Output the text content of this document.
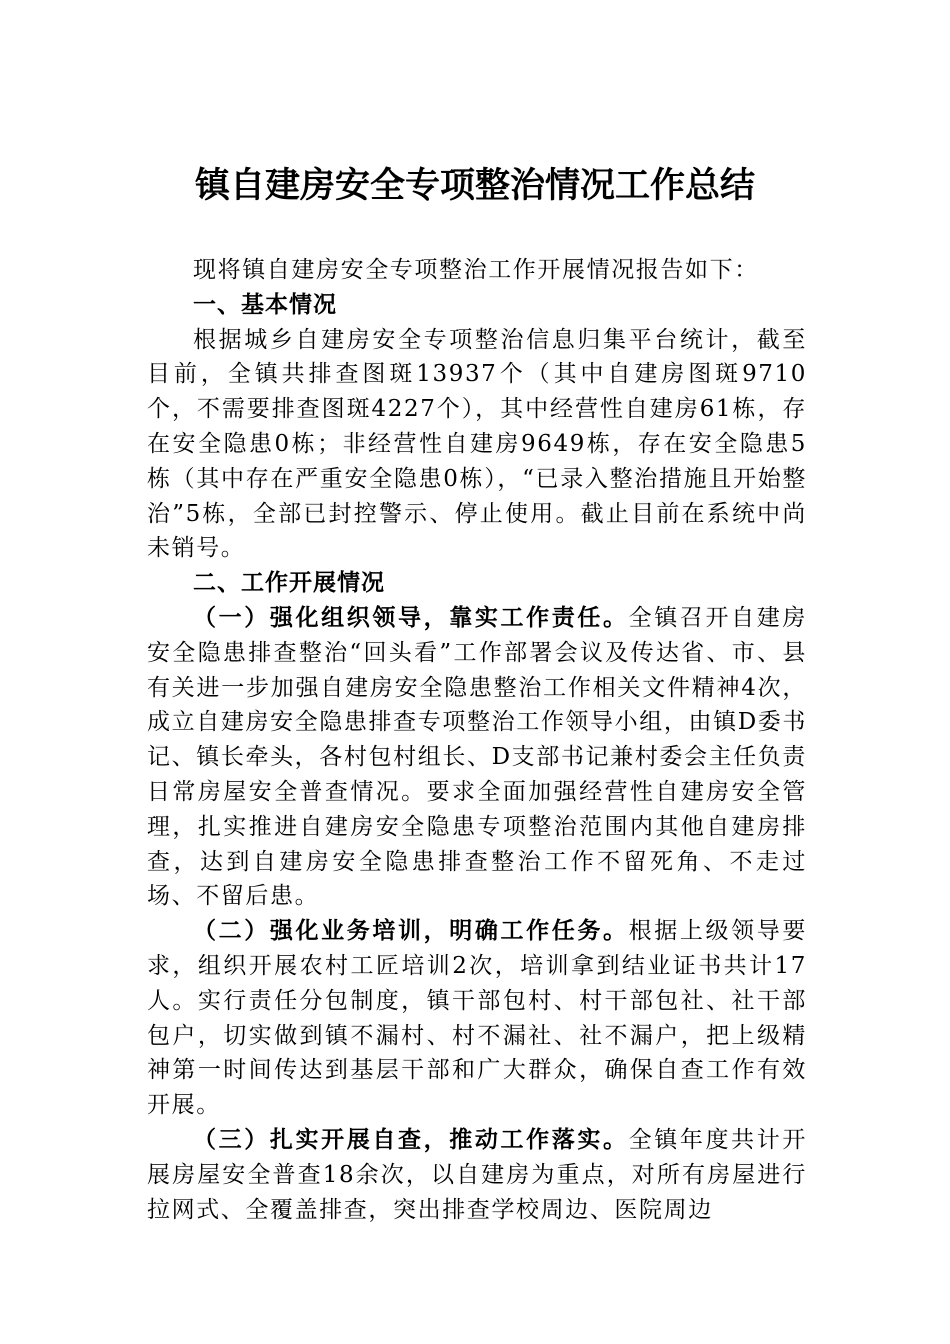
镇自建房安全专项整治情况工作总结

现将镇自建房安全专项整治工作开展情况报告如下：

一、基本情况

根据城乡自建房安全专项整治信息归集平台统计，截至目前，全镇共排查图斑13937个（其中自建房图斑9710个，不需要排查图斑4227个），其中经营性自建房61栋，存在安全隐患0栋；非经营性自建房9649栋，存在安全隐患5栋（其中存在严重安全隐患0栋），“已录入整治措施且开始整治”5栋，全部已封控警示、停止使用。截止目前在系统中尚未销号。

二、工作开展情况

（一）强化组织领导，靠实工作责任。全镇召开自建房安全隐患排查整治“回头看”工作部署会议及传达省、市、县有关进一步加强自建房安全隐患整治工作相关文件精神4次，成立自建房安全隐患排查专项整治工作领导小组，由镇D委书记、镇长牵头，各村包村组长、D支部书记兼村委会主任负责日常房屋安全普查情况。要求全面加强经营性自建房安全管理，扎实推进自建房安全隐患专项整治范围内其他自建房排查，达到自建房安全隐患排查整治工作不留死角、不走过场、不留后患。

（二）强化业务培训，明确工作任务。根据上级领导要求，组织开展农村工匠培训2次，培训拿到结业证书共计17人。实行责任分包制度，镇干部包村、村干部包社、社干部包户，切实做到镇不漏村、村不漏社、社不漏户，把上级精神第一时间传达到基层干部和广大群众，确保自查工作有效开展。

（三）扎实开展自查，推动工作落实。全镇年度共计开展房屋安全普查18余次，以自建房为重点，对所有房屋进行拉网式、全覆盖排查，突出排查学校周边、医院周边
